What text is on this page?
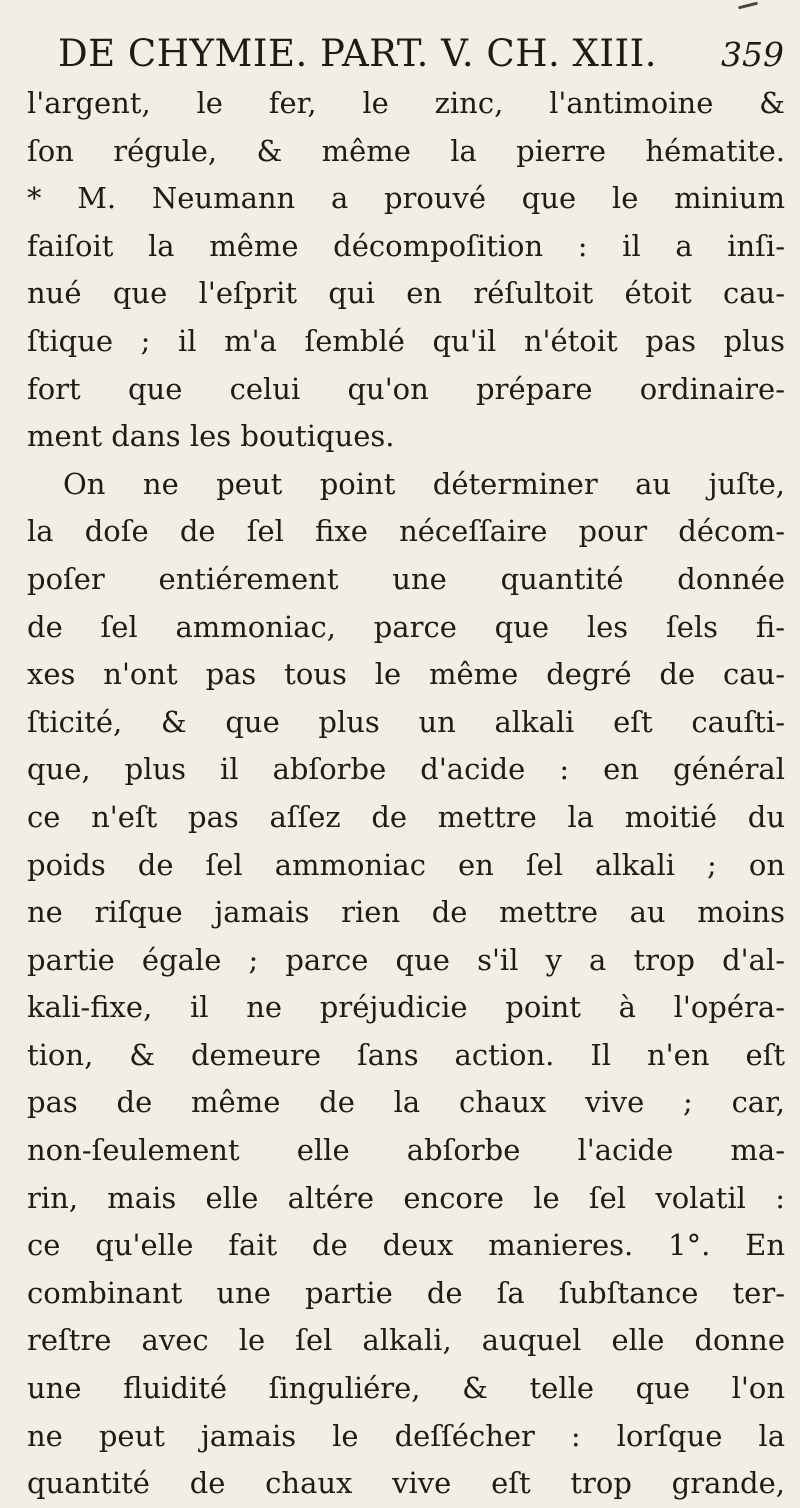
DE CHYMIE. PART. V. CH. XIII. 359
l'argent, le fer, le zinc, l'antimoine &
ſon régule, & même la pierre hématite.
* M. Neumann a prouvé que le minium
faiſoit la même décompoſition : il a inſi-
nué que l'eſprit qui en réſultoit étoit cau-
ſtique ; il m'a ſemblé qu'il n'étoit pas plus
fort que celui qu'on prépare ordinaire-
ment dans les boutiques.
On ne peut point déterminer au juſte,
la doſe de ſel fixe néceſſaire pour décom-
poſer entiérement une quantité donnée
de ſel ammoniac, parce que les ſels fi-
xes n'ont pas tous le même degré de cau-
ſticité, & que plus un alkali eſt cauſti-
que, plus il abſorbe d'acide : en général
ce n'eſt pas aſſez de mettre la moitié du
poids de ſel ammoniac en ſel alkali ; on
ne riſque jamais rien de mettre au moins
partie égale ; parce que s'il y a trop d'al-
kali-fixe, il ne préjudicie point à l'opéra-
tion, & demeure ſans action. Il n'en eſt
pas de même de la chaux vive ; car,
non-ſeulement elle abſorbe l'acide ma-
rin, mais elle altére encore le ſel volatil :
ce qu'elle fait de deux manieres. 1°. En
combinant une partie de ſa ſubſtance ter-
reſtre avec le ſel alkali, auquel elle donne
une fluidité ſinguliére, & telle que l'on
ne peut jamais le deſſécher : lorſque la
quantité de chaux vive eſt trop grande,
